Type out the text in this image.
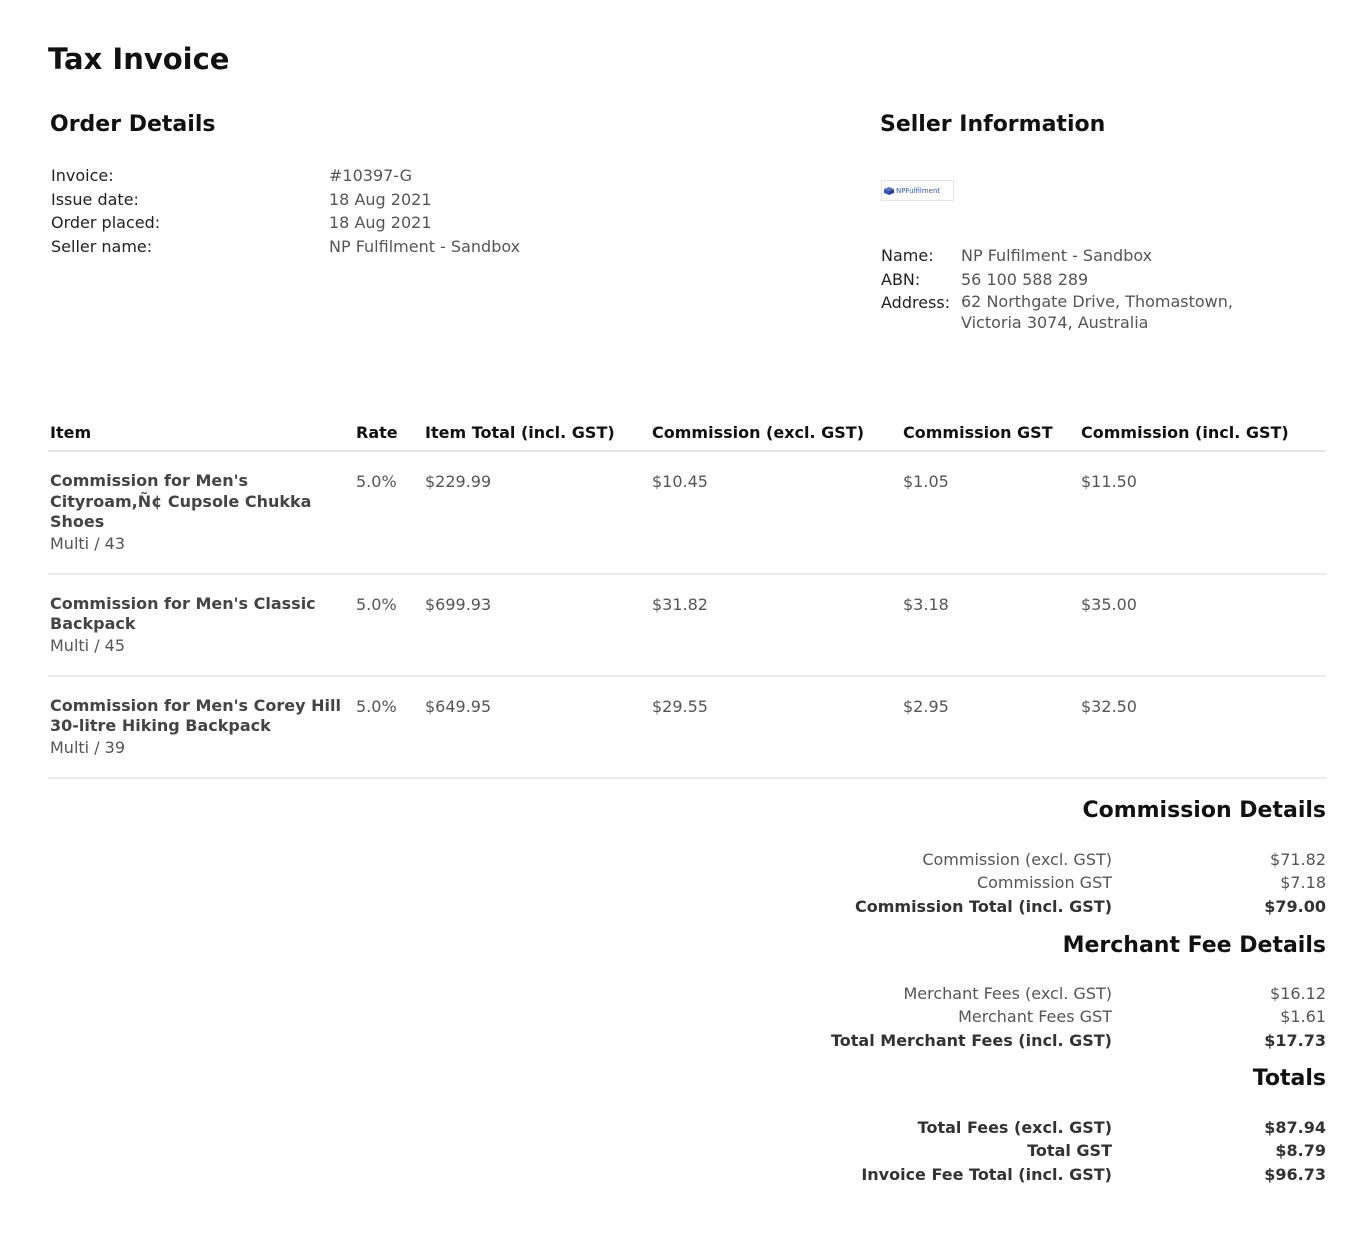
Tax Invoice
Order Details
Invoice:	#10397-G
Issue date:	18 Aug 2021
Order placed:	18 Aug 2021
Seller name:	NP Fulfilment - Sandbox
Seller Information
NPFulfilment
Name:	NP Fulfilment - Sandbox
ABN:	56 100 588 289
Address: 62 Northgate Drive, Thomastown, Victoria 3074, Australia
Item	Rate	Item Total (incl. GST)	Commission (excl. GST)	Commission GST	Commission (incl. GST)

Commission for Men's Cityroam,Ñ¢ Cupsole Chukka Shoes
Multi / 43	5.0%	$229.99	$10.45	$1.05	$11.50

Commission for Men's Classic Backpack
Multi / 45	5.0%	$699.93	$31.82	$3.18	$35.00

Commission for Men's Corey Hill 30-litre Hiking Backpack
Multi / 39	5.0%	$649.95	$29.55	$2.95	$32.50
Commission Details
Commission (excl. GST)	$71.82
Commission GST	$7.18
Commission Total (incl. GST)	$79.00
Merchant Fee Details
Merchant Fees (excl. GST)	$16.12
Merchant Fees GST	$1.61
Total Merchant Fees (incl. GST)	$17.73
Totals
Total Fees (excl. GST)	$87.94
Total GST	$8.79
Invoice Fee Total (incl. GST)	$96.73
